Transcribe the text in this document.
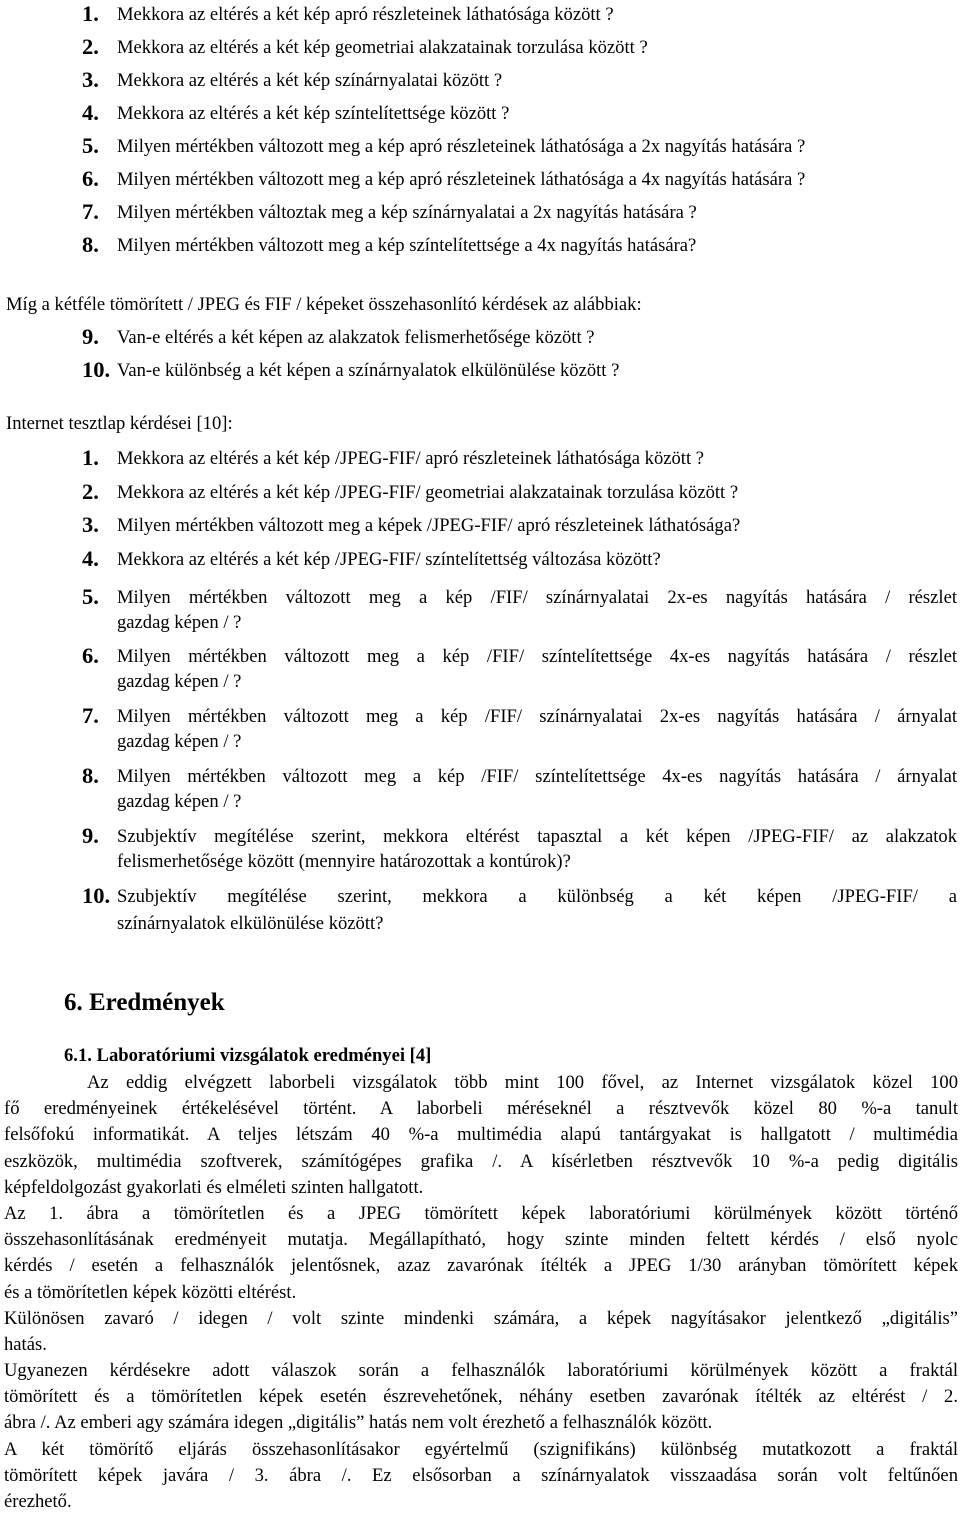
1. Mekkora az eltérés a két kép apró részleteinek láthatósága között ?
2. Mekkora az eltérés a két kép geometriai alakzatainak torzulása között ?
3. Mekkora az eltérés a két kép színárnyalatai között ?
4. Mekkora az eltérés a két kép színtelítettsége között ?
5. Milyen mértékben változott meg a kép apró részleteinek láthatósága a 2x nagyítás hatására ?
6. Milyen mértékben változott meg a kép apró részleteinek láthatósága a 4x nagyítás hatására ?
7. Milyen mértékben változtak meg a kép színárnyalatai a 2x nagyítás hatására ?
8. Milyen mértékben változott meg a kép színtelítettsége a 4x nagyítás hatására?
Míg a kétféle tömörített / JPEG és FIF / képeket összehasonlító kérdések az alábbiak:
9. Van-e eltérés a két képen az alakzatok felismerhetősége között ?
10. Van-e különbség a két képen a színárnyalatok elkülönülése között ?
Internet tesztlap kérdései [10]:
1. Mekkora az eltérés a két kép /JPEG-FIF/ apró részleteinek láthatósága között ?
2. Mekkora az eltérés a két kép /JPEG-FIF/ geometriai alakzatainak torzulása között ?
3. Milyen mértékben változott meg a képek /JPEG-FIF/ apró részleteinek láthatósága?
4. Mekkora az eltérés a két kép /JPEG-FIF/ színtelítettség változása között?
5. Milyen mértékben változott meg a kép /FIF/ színárnyalatai 2x-es nagyítás hatására / részlet
gazdag képen / ?
6. Milyen mértékben változott meg a kép /FIF/ színtelítettsége 4x-es nagyítás hatására / részlet
gazdag képen / ?
7. Milyen mértékben változott meg a kép /FIF/ színárnyalatai 2x-es nagyítás hatására / árnyalat
gazdag képen / ?
8. Milyen mértékben változott meg a kép /FIF/ színtelítettsége 4x-es nagyítás hatására / árnyalat
gazdag képen / ?
9. Szubjektív megítélése szerint, mekkora eltérést tapasztal a két képen /JPEG-FIF/ az alakzatok
felismerhetősége között (mennyire határozottak a kontúrok)?
10. Szubjektív megítélése szerint, mekkora a különbség a két képen /JPEG-FIF/ a
színárnyalatok elkülönülése között?
6. Eredmények
6.1. Laboratóriumi vizsgálatok eredményei [4]
Az eddig elvégzett laborbeli vizsgálatok több mint 100 fővel, az Internet vizsgálatok közel 100
fő eredményeinek értékelésével történt. A laborbeli méréseknél a résztvevők közel 80 %-a tanult
felsőfokú informatikát. A teljes létszám 40 %-a multimédia alapú tantárgyakat is hallgatott / multimédia
eszközök, multimédia szoftverek, számítógépes grafika /. A kísérletben résztvevők 10 %-a pedig digitális
képfeldolgozást gyakorlati és elméleti szinten hallgatott.
Az 1. ábra a tömörítetlen és a JPEG tömörített képek laboratóriumi körülmények között történő
összehasonlításának eredményeit mutatja. Megállapítható, hogy szinte minden feltett kérdés / első nyolc
kérdés / esetén a felhasználók jelentősnek, azaz zavarónak ítélték a JPEG 1/30 arányban tömörített képek
és a tömörítetlen képek közötti eltérést.
Különösen zavaró / idegen / volt szinte mindenki számára, a képek nagyításakor jelentkező „digitális”
hatás.
Ugyanezen kérdésekre adott válaszok során a felhasználók laboratóriumi körülmények között a fraktál
tömörített és a tömörítetlen képek esetén észrevehetőnek, néhány esetben zavarónak ítélték az eltérést / 2.
ábra /. Az emberi agy számára idegen „digitális” hatás nem volt érezhető a felhasználók között.
A két tömörítő eljárás összehasonlításakor egyértelmű (szignifikáns) különbség mutatkozott a fraktál
tömörített képek javára / 3. ábra /. Ez elsősorban a színárnyalatok visszaadása során volt feltűnően
érezhető.
